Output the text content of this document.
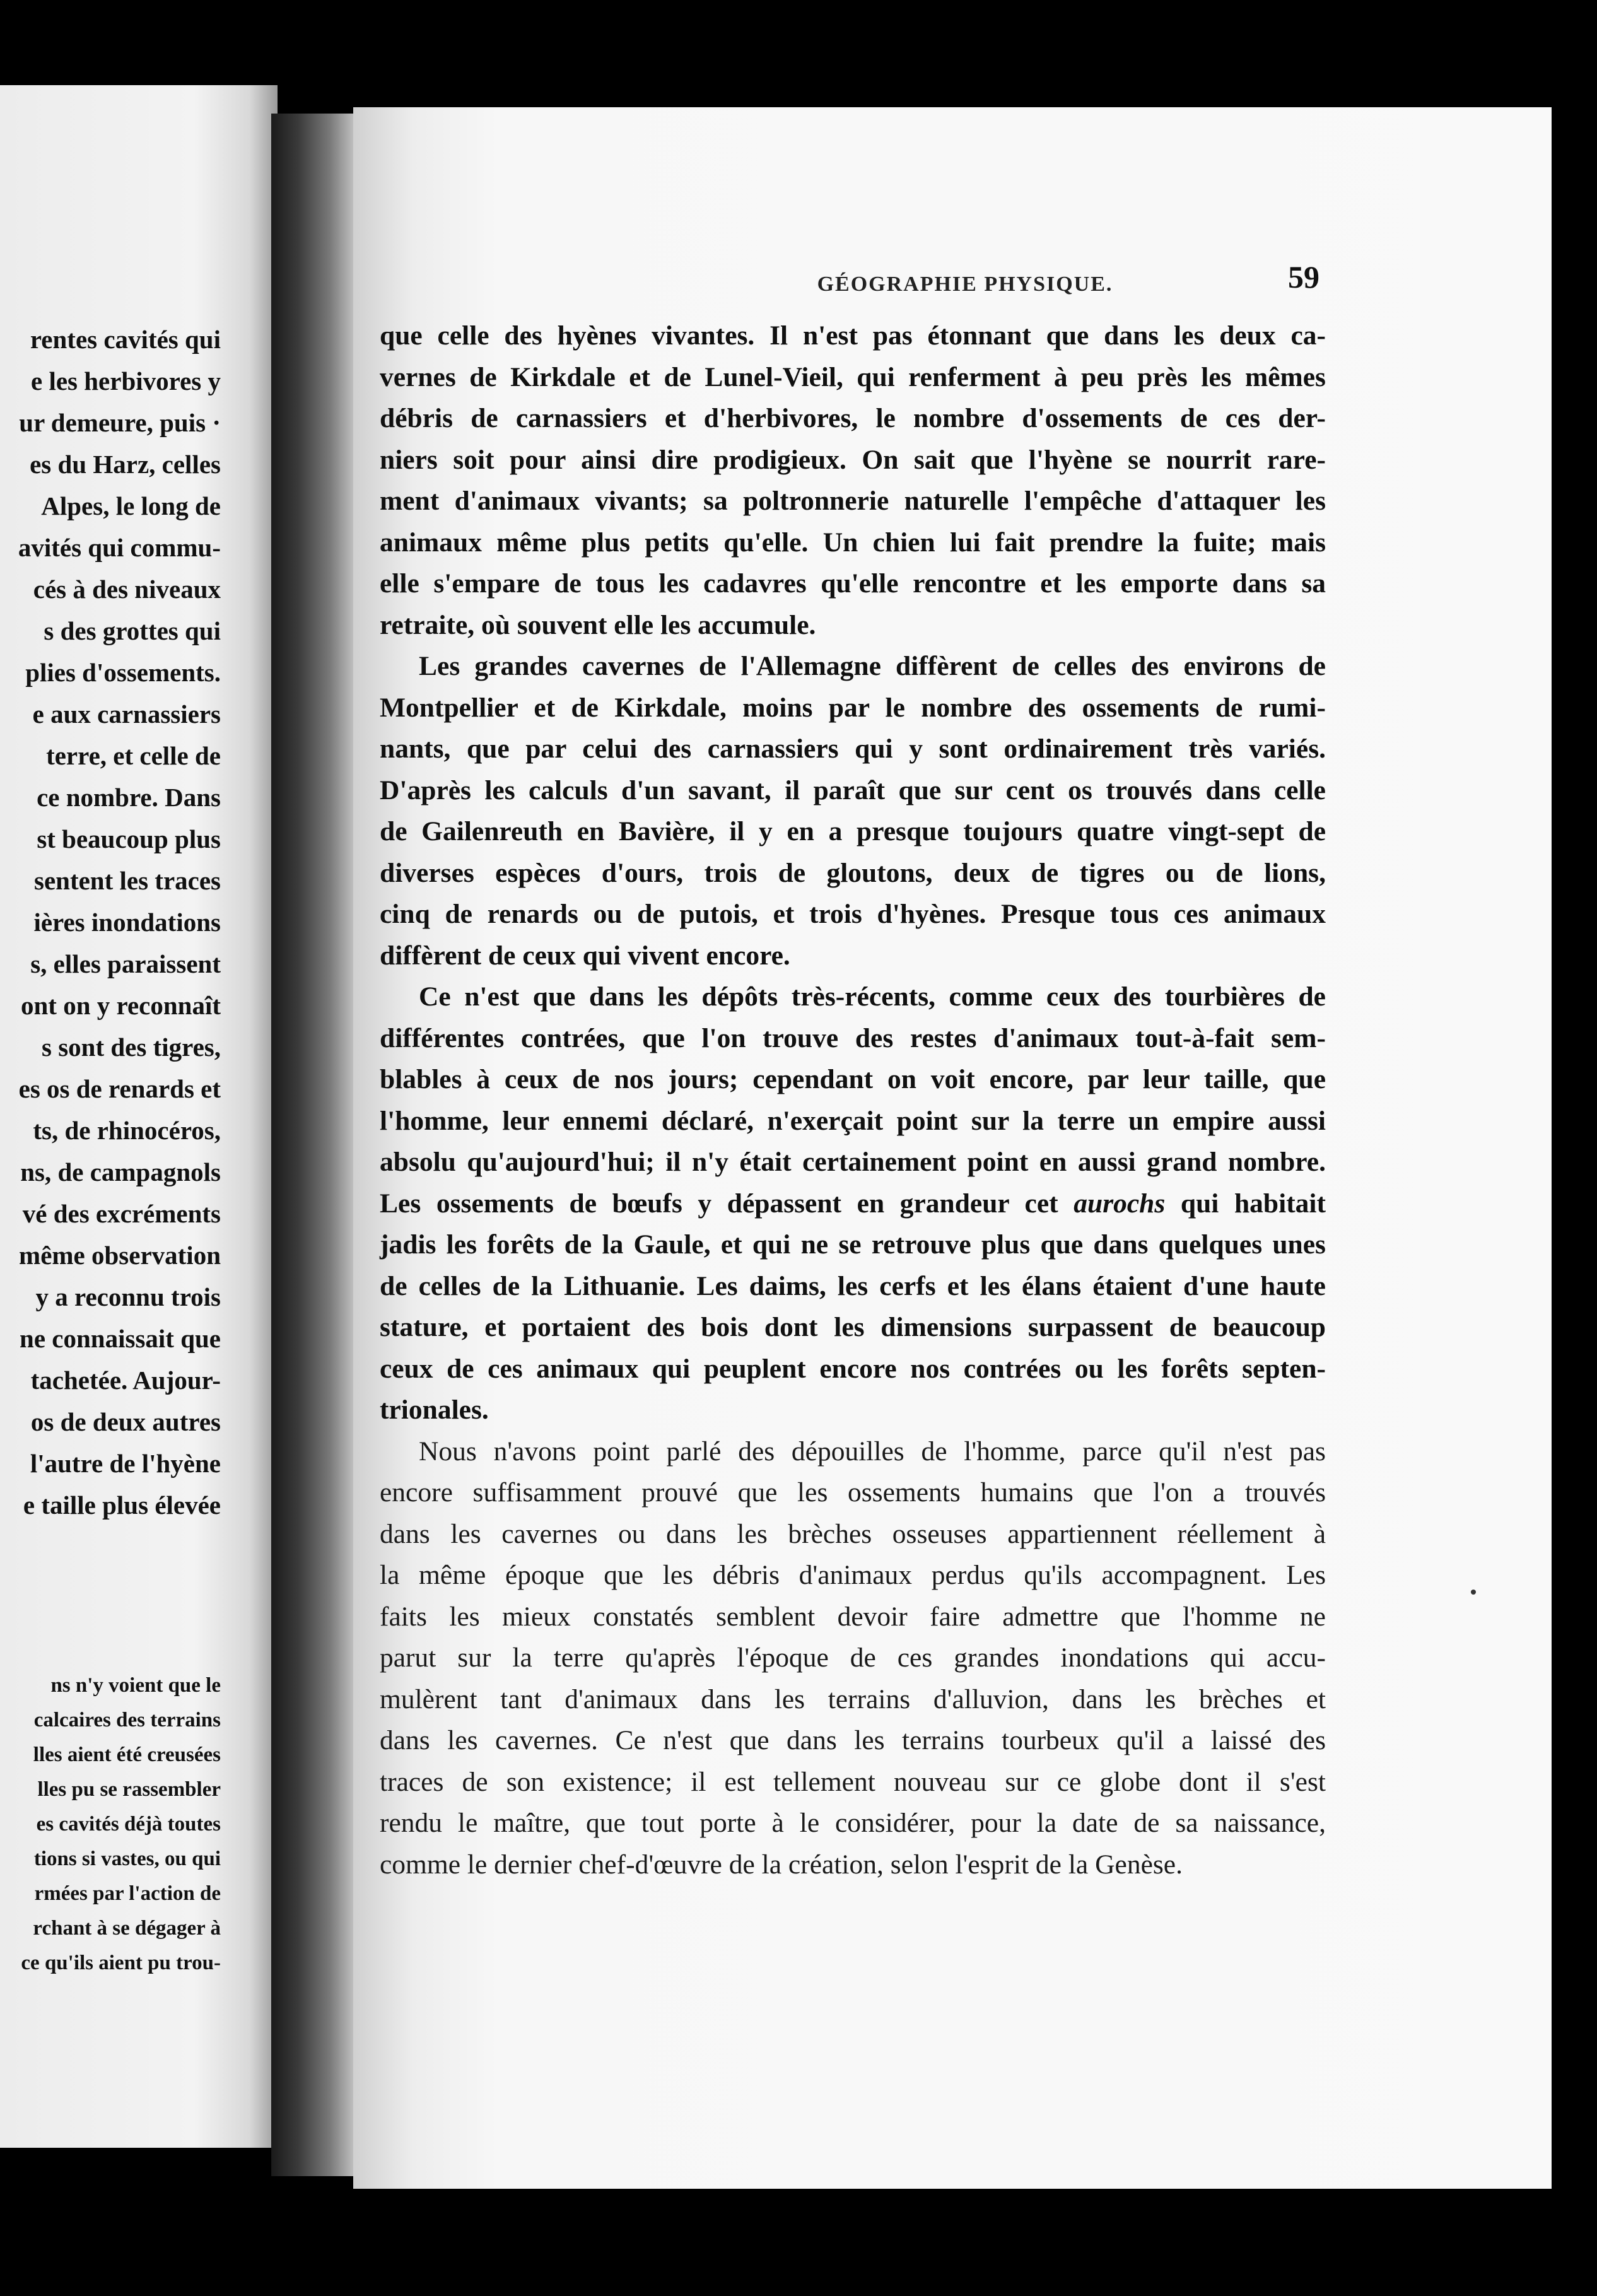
rentes cavités qui
e les herbivores y
ur demeure, puis ·
es du Harz, celles
Alpes, le long de
avités qui commu-
cés à des niveaux
s des grottes qui
plies d'ossements.
e aux carnassiers
terre, et celle de
ce nombre. Dans
st beaucoup plus
sentent les traces
ières inondations
s, elles paraissent
ont on y reconnaît
s sont des tigres,
es os de renards et
ts, de rhinocéros,
ns, de campagnols
vé des excréments
même observation
y a reconnu trois
ne connaissait que
tachetée. Aujour-
os de deux autres
l'autre de l'hyène
e taille plus élevée
ns n'y voient que le
calcaires des terrains
lles aient été creusées
lles pu se rassembler
es cavités déjà toutes
tions si vastes, ou qui
rmées par l'action de
rchant à se dégager à
ce qu'ils aient pu trou-
GÉOGRAPHIE PHYSIQUE.	59
que celle des hyènes vivantes. Il n'est pas étonnant que dans les deux ca-
vernes de Kirkdale et de Lunel-Vieil, qui renferment à peu près les mêmes
débris de carnassiers et d'herbivores, le nombre d'ossements de ces der-
niers soit pour ainsi dire prodigieux. On sait que l'hyène se nourrit rare-
ment d'animaux vivants; sa poltronnerie naturelle l'empêche d'attaquer les
animaux même plus petits qu'elle. Un chien lui fait prendre la fuite; mais
elle s'empare de tous les cadavres qu'elle rencontre et les emporte dans sa
retraite, où souvent elle les accumule.
Les grandes cavernes de l'Allemagne diffèrent de celles des environs de
Montpellier et de Kirkdale, moins par le nombre des ossements de rumi-
nants, que par celui des carnassiers qui y sont ordinairement très variés.
D'après les calculs d'un savant, il paraît que sur cent os trouvés dans celle
de Gailenreuth en Bavière, il y en a presque toujours quatre vingt-sept de
diverses espèces d'ours, trois de gloutons, deux de tigres ou de lions,
cinq de renards ou de putois, et trois d'hyènes. Presque tous ces animaux
diffèrent de ceux qui vivent encore.
Ce n'est que dans les dépôts très-récents, comme ceux des tourbières de
différentes contrées, que l'on trouve des restes d'animaux tout-à-fait sem-
blables à ceux de nos jours; cependant on voit encore, par leur taille, que
l'homme, leur ennemi déclaré, n'exerçait point sur la terre un empire aussi
absolu qu'aujourd'hui; il n'y était certainement point en aussi grand nombre.
Les ossements de bœufs y dépassent en grandeur cet aurochs qui habitait
jadis les forêts de la Gaule, et qui ne se retrouve plus que dans quelques unes
de celles de la Lithuanie. Les daims, les cerfs et les élans étaient d'une haute
stature, et portaient des bois dont les dimensions surpassent de beaucoup
ceux de ces animaux qui peuplent encore nos contrées ou les forêts septen-
trionales.
Nous n'avons point parlé des dépouilles de l'homme, parce qu'il n'est pas
encore suffisamment prouvé que les ossements humains que l'on a trouvés
dans les cavernes ou dans les brèches osseuses appartiennent réellement à
la même époque que les débris d'animaux perdus qu'ils accompagnent. Les
faits les mieux constatés semblent devoir faire admettre que l'homme ne
parut sur la terre qu'après l'époque de ces grandes inondations qui accu-
mulèrent tant d'animaux dans les terrains d'alluvion, dans les brèches et
dans les cavernes. Ce n'est que dans les terrains tourbeux qu'il a laissé des
traces de son existence; il est tellement nouveau sur ce globe dont il s'est
rendu le maître, que tout porte à le considérer, pour la date de sa naissance,
comme le dernier chef-d'œuvre de la création, selon l'esprit de la Genèse.
